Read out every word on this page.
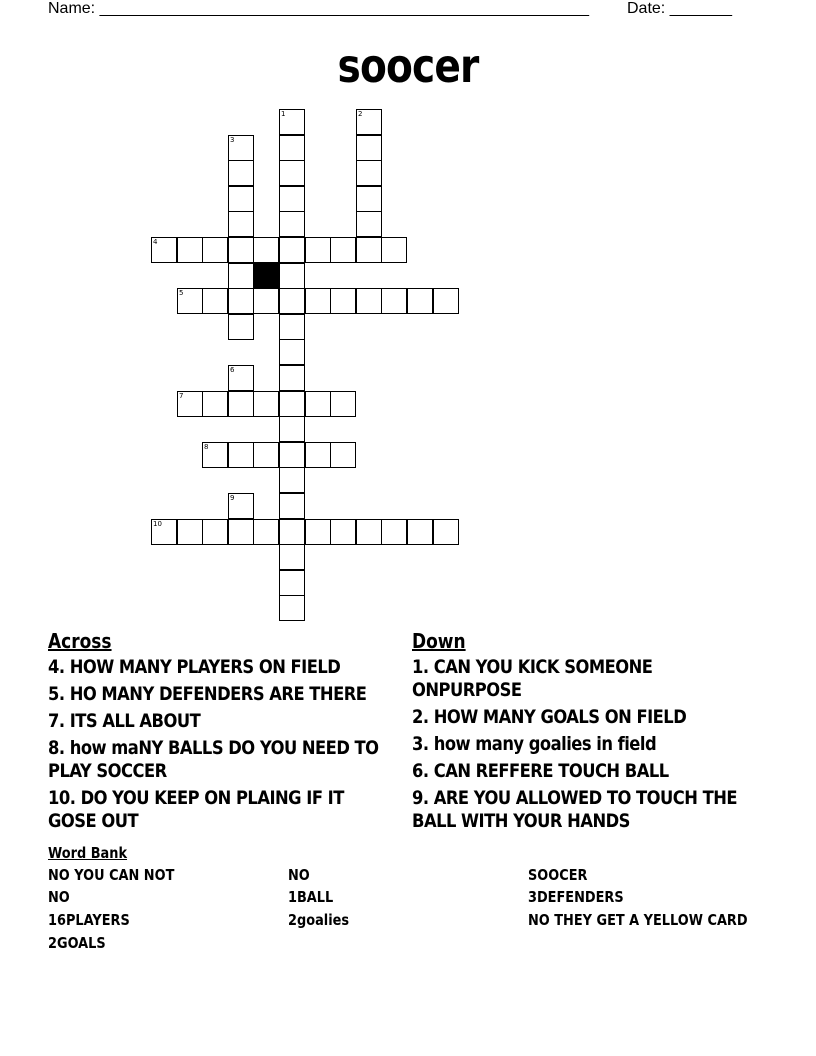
Name: _______________________________________________________ Date: _______
soocer
1	2
3
6
9
4
5
7
8
10
Across
4. HOW MANY PLAYERS ON FIELD
5. HO MANY DEFENDERS ARE THERE
7. ITS ALL ABOUT
8. how maNY BALLS DO YOU NEED TO PLAY SOCCER
10. DO YOU KEEP ON PLAING IF IT GOSE OUT
Down
1. CAN YOU KICK SOMEONE ONPURPOSE
2. HOW MANY GOALS ON FIELD
3. how many goalies in field
6. CAN REFFERE TOUCH BALL
9. ARE YOU ALLOWED TO TOUCH THE BALL WITH YOUR HANDS
Word Bank
NO YOU CAN NOT	NO	SOOCER
NO	1BALL	3DEFENDERS
16PLAYERS	2goalies	NO THEY GET A YELLOW CARD
2GOALS
